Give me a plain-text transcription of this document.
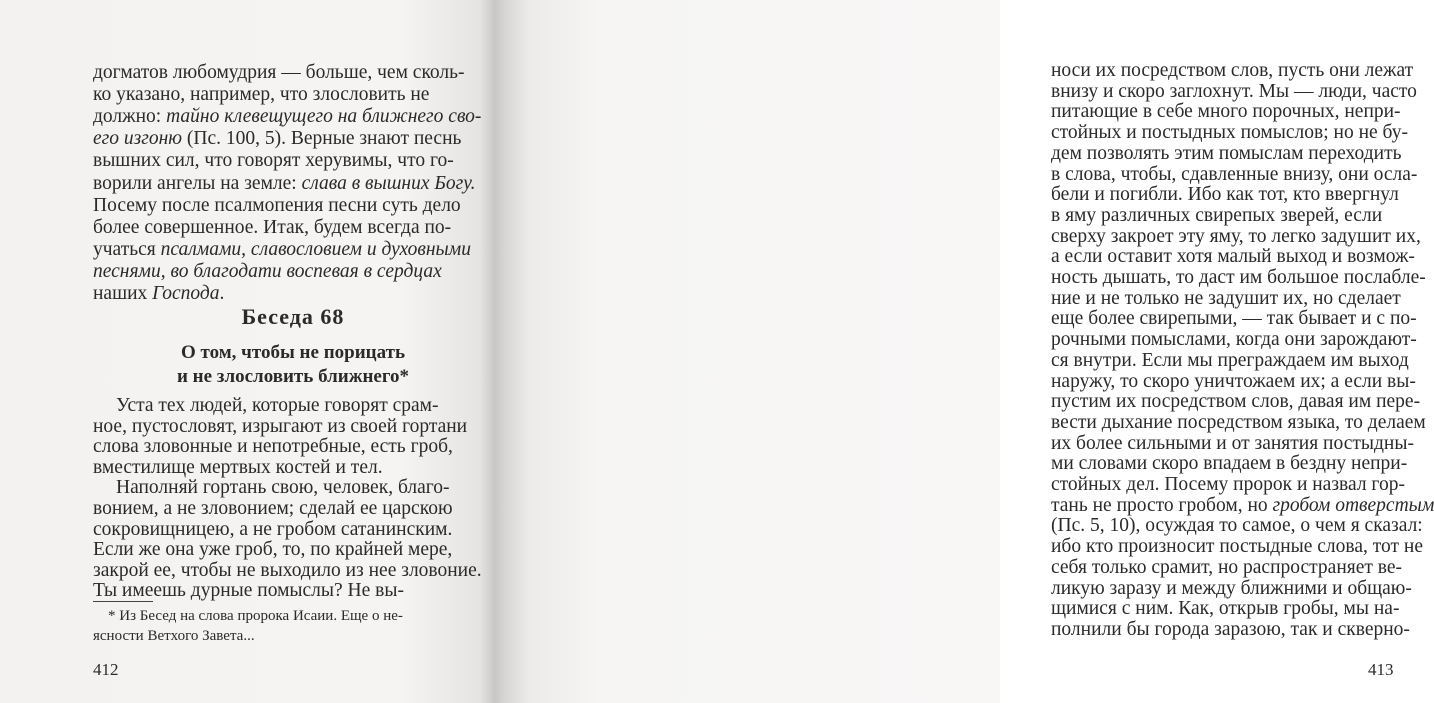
догматов любомудрия — больше, чем сколь-
ко указано, например, что злословить не
должно: тайно клевещущего на ближнего сво-
его изгоню (Пс. 100, 5). Верные знают песнь
вышних сил, что говорят херувимы, что го-
ворили ангелы на земле: слава в вышних Богу.
Посему после псалмопения песни суть дело
более совершенное. Итак, будем всегда по-
учаться псалмами, славословием и духовными
песнями, во благодати воспевая в сердцах
наших Господа.
Беседа 68
О том, чтобы не порицать
и не злословить ближнего*
Уста тех людей, которые говорят срам-
ное, пустословят, изрыгают из своей гортани
слова зловонные и непотребные, есть гроб,
вместилище мертвых костей и тел.
Наполняй гортань свою, человек, благо-
вонием, а не зловонием; сделай ее царскою
сокровищницею, а не гробом сатанинским.
Если же она уже гроб, то, по крайней мере,
закрой ее, чтобы не выходило из нее зловоние.
Ты имеешь дурные помыслы? Не вы-
* Из Бесед на слова пророка Исаии. Еще о не-
ясности Ветхого Завета...
412
носи их посредством слов, пусть они лежат
внизу и скоро заглохнут. Мы — люди, часто
питающие в себе много порочных, непри-
стойных и постыдных помыслов; но не бу-
дем позволять этим помыслам переходить
в слова, чтобы, сдавленные внизу, они осла-
бели и погибли. Ибо как тот, кто ввергнул
в яму различных свирепых зверей, если
сверху закроет эту яму, то легко задушит их,
а если оставит хотя малый выход и возмож-
ность дышать, то даст им большое послабле-
ние и не только не задушит их, но сделает
еще более свирепыми, — так бывает и с по-
рочными помыслами, когда они зарождают-
ся внутри. Если мы преграждаем им выход
наружу, то скоро уничтожаем их; а если вы-
пустим их посредством слов, давая им пере-
вести дыхание посредством языка, то делаем
их более сильными и от занятия постыдны-
ми словами скоро впадаем в бездну непри-
стойных дел. Посему пророк и назвал гор-
тань не просто гробом, но гробом отверстым
(Пс. 5, 10), осуждая то самое, о чем я сказал:
ибо кто произносит постыдные слова, тот не
себя только срамит, но распространяет ве-
ликую заразу и между ближними и общаю-
щимися с ним. Как, открыв гробы, мы на-
полнили бы города заразою, так и скверно-
413
